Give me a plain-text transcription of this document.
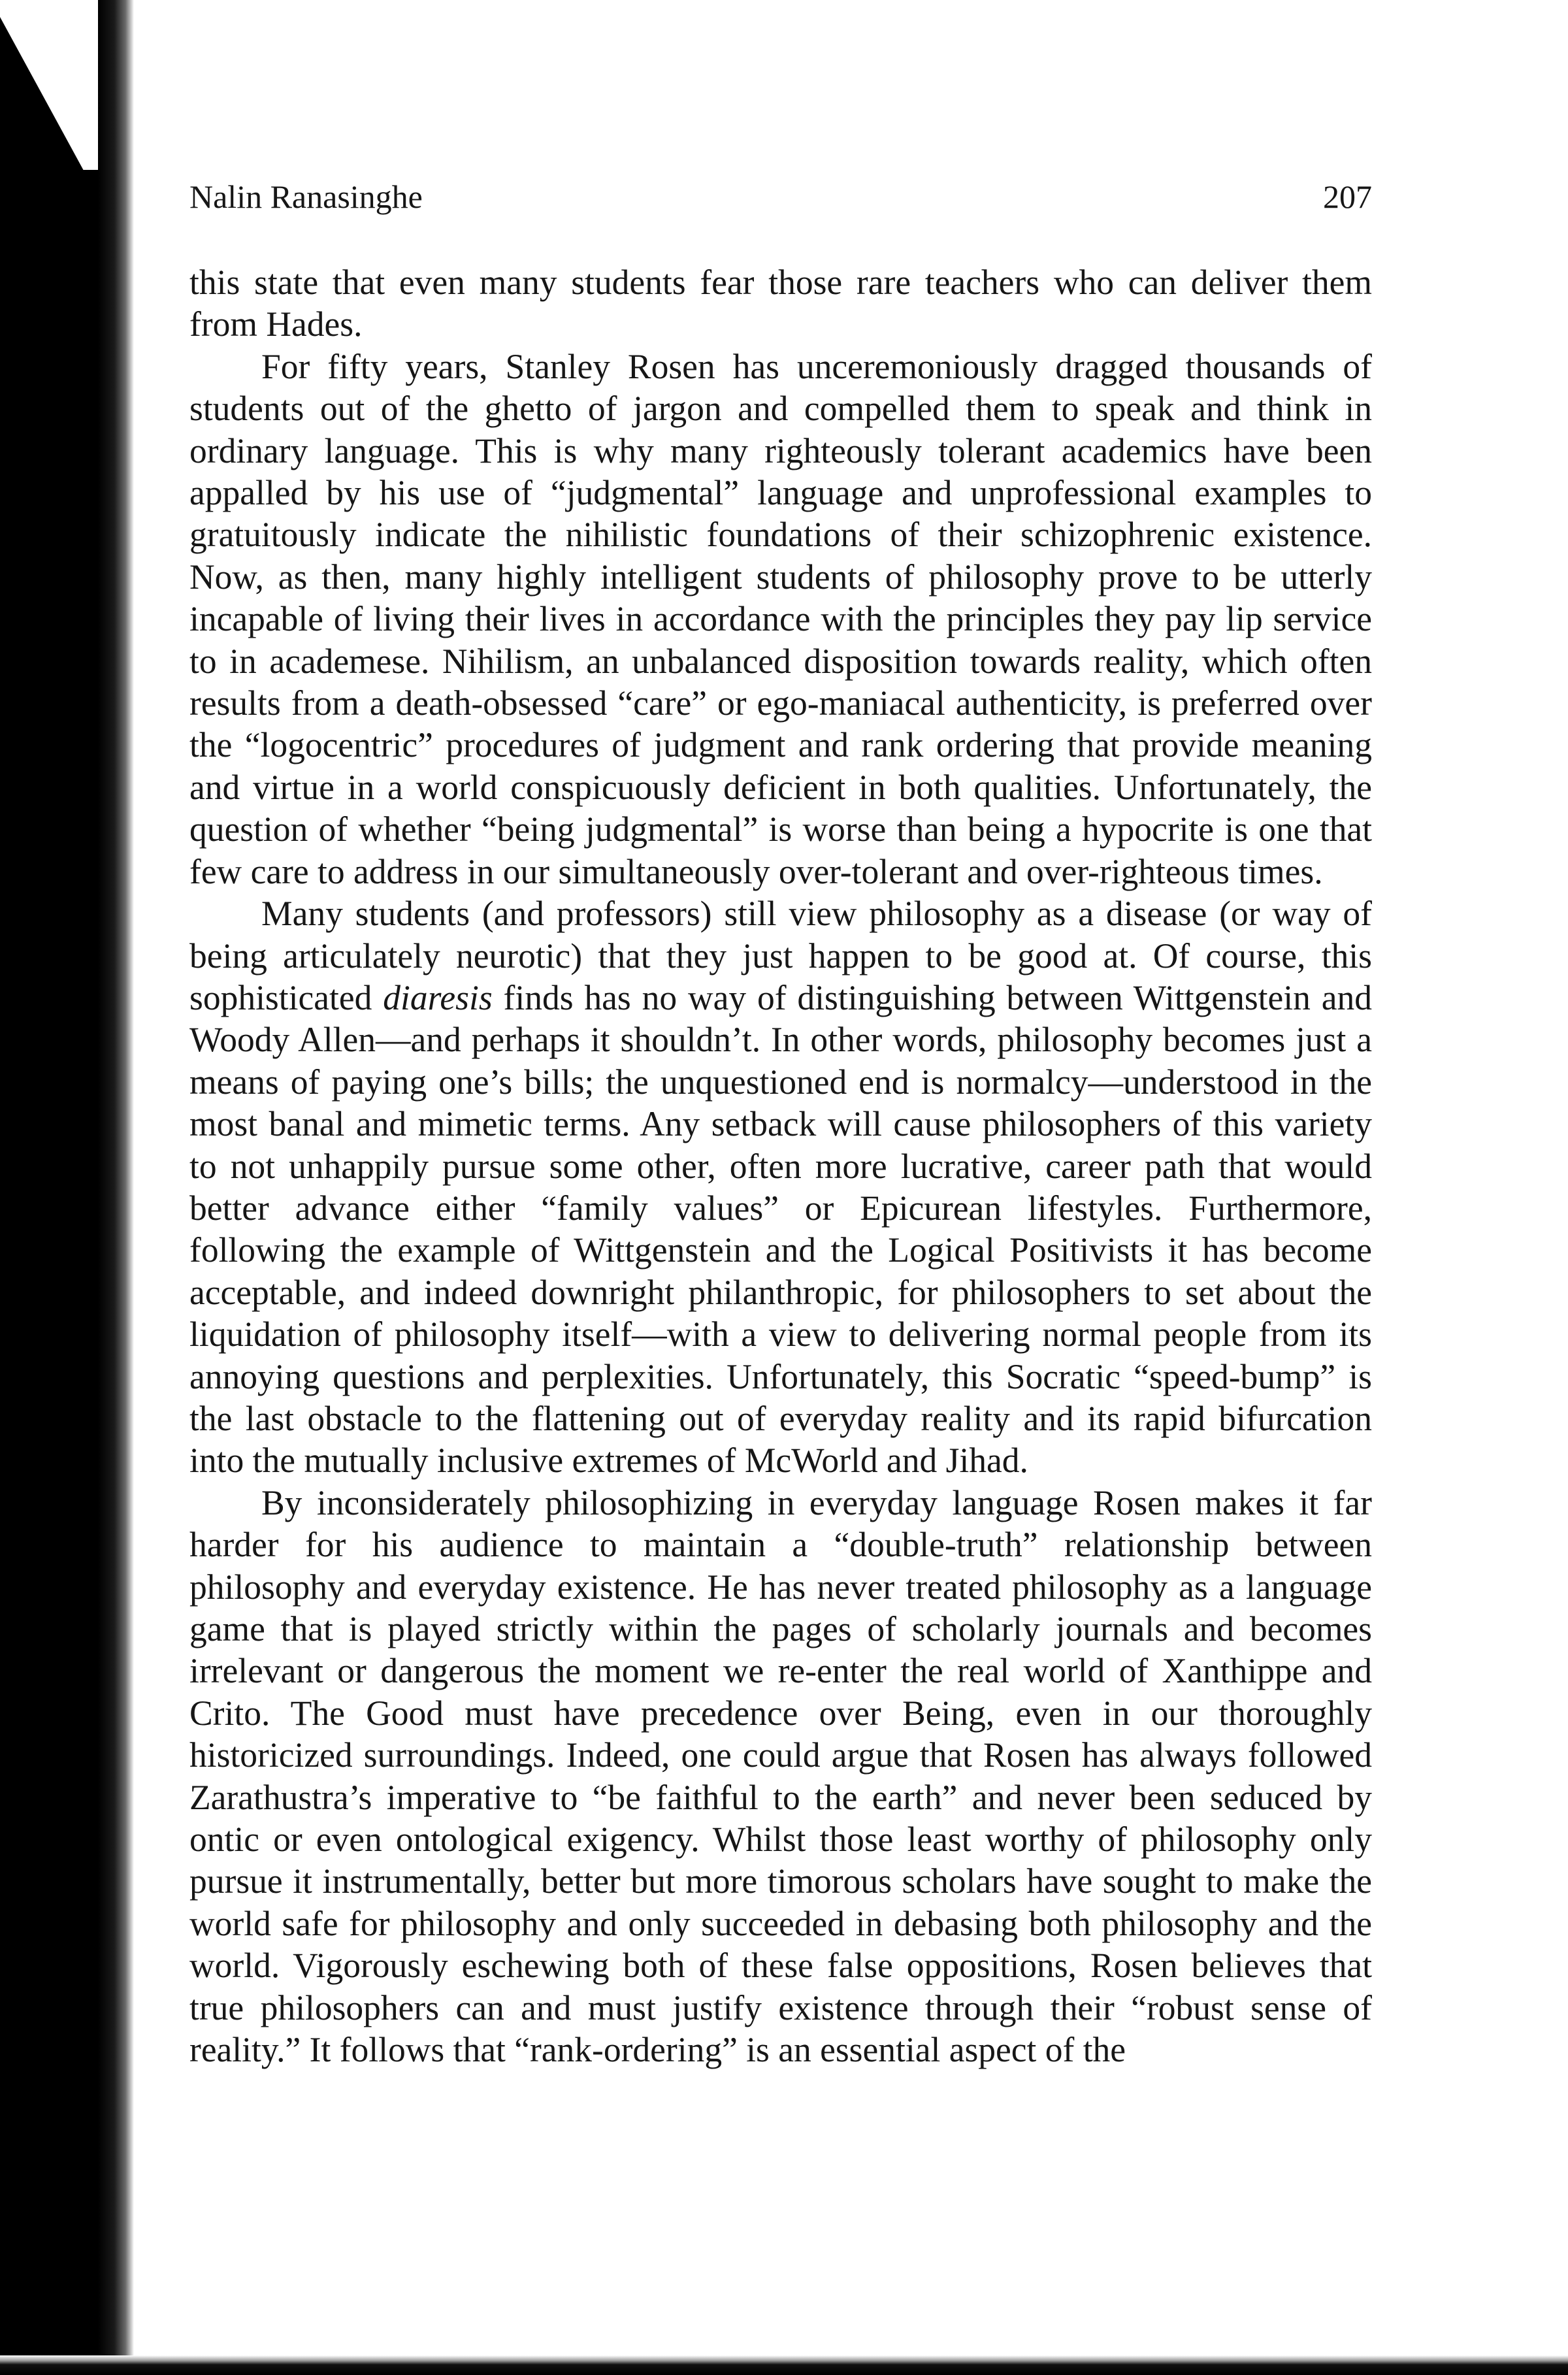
Nalin Ranasinghe	207

this state that even many students fear those rare teachers who can deliver them from Hades.

For fifty years, Stanley Rosen has unceremoniously dragged thousands of students out of the ghetto of jargon and compelled them to speak and think in ordinary language. This is why many righteously tolerant academics have been appalled by his use of “judgmental” language and unprofessional examples to gratuitously indicate the nihilistic foundations of their schizophrenic existence. Now, as then, many highly intelligent students of philosophy prove to be utterly incapable of living their lives in accordance with the principles they pay lip service to in academese. Nihilism, an unbalanced disposition towards reality, which often results from a death-obsessed “care” or ego-maniacal authenticity, is preferred over the “logocentric” procedures of judgment and rank ordering that provide meaning and virtue in a world conspicuously deficient in both qualities. Unfortunately, the question of whether “being judgmental” is worse than being a hypocrite is one that few care to address in our simultaneously over-tolerant and over-righteous times.

Many students (and professors) still view philosophy as a disease (or way of being articulately neurotic) that they just happen to be good at. Of course, this sophisticated diaresis finds has no way of distinguishing between Wittgenstein and Woody Allen—and perhaps it shouldn’t. In other words, philosophy becomes just a means of paying one’s bills; the unquestioned end is normalcy—understood in the most banal and mimetic terms. Any setback will cause philosophers of this variety to not unhappily pursue some other, often more lucrative, career path that would better advance either “family values” or Epicurean lifestyles. Furthermore, following the example of Wittgenstein and the Logical Positivists it has become acceptable, and indeed downright philanthropic, for philosophers to set about the liquidation of philosophy itself—with a view to delivering normal people from its annoying questions and perplexities. Unfortunately, this Socratic “speed-bump” is the last obstacle to the flattening out of everyday reality and its rapid bifurcation into the mutually inclusive extremes of McWorld and Jihad.

By inconsiderately philosophizing in everyday language Rosen makes it far harder for his audience to maintain a “double-truth” relationship between philosophy and everyday existence. He has never treated philosophy as a language game that is played strictly within the pages of scholarly journals and becomes irrelevant or dangerous the moment we re-enter the real world of Xanthippe and Crito. The Good must have precedence over Being, even in our thoroughly historicized surroundings. Indeed, one could argue that Rosen has always followed Zarathustra’s imperative to “be faithful to the earth” and never been seduced by ontic or even ontological exigency. Whilst those least worthy of philosophy only pursue it instrumentally, better but more timorous scholars have sought to make the world safe for philosophy and only succeeded in debasing both philosophy and the world. Vigorously eschewing both of these false oppositions, Rosen believes that true philosophers can and must justify existence through their “robust sense of reality.” It follows that “rank-ordering” is an essential aspect of the
